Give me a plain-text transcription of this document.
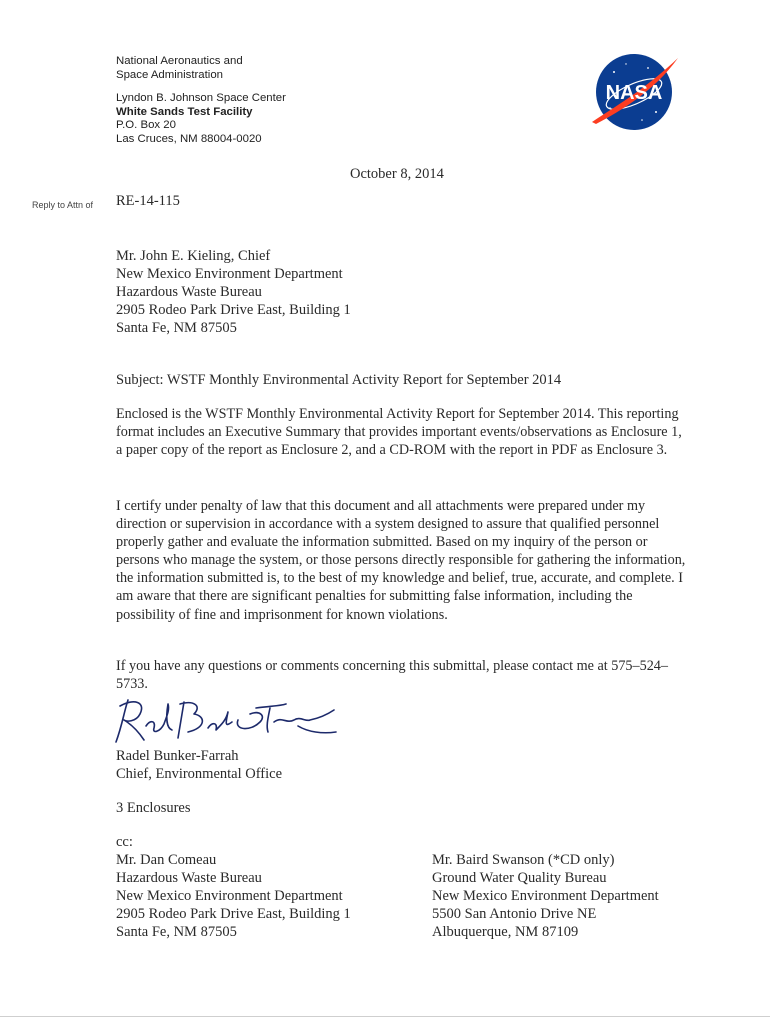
National Aeronautics and
Space Administration
Lyndon B. Johnson Space Center
White Sands Test Facility
P.O. Box 20
Las Cruces, NM 88004-0020
NASA
October 8, 2014
Reply to Attn of RE-14-115
Mr. John E. Kieling, Chief
New Mexico Environment Department
Hazardous Waste Bureau
2905 Rodeo Park Drive East, Building 1
Santa Fe, NM 87505
Subject: WSTF Monthly Environmental Activity Report for September 2014
Enclosed is the WSTF Monthly Environmental Activity Report for September 2014. This reporting format includes an Executive Summary that provides important events/observations as Enclosure 1, a paper copy of the report as Enclosure 2, and a CD-ROM with the report in PDF as Enclosure 3.
I certify under penalty of law that this document and all attachments were prepared under my direction or supervision in accordance with a system designed to assure that qualified personnel properly gather and evaluate the information submitted. Based on my inquiry of the person or persons who manage the system, or those persons directly responsible for gathering the information, the information submitted is, to the best of my knowledge and belief, true, accurate, and complete. I am aware that there are significant penalties for submitting false information, including the possibility of fine and imprisonment for known violations.
If you have any questions or comments concerning this submittal, please contact me at 575–524–5733.
Radel Bunker-Farrah
Chief, Environmental Office
3 Enclosures
cc:
Mr. Dan Comeau
Hazardous Waste Bureau
New Mexico Environment Department
2905 Rodeo Park Drive East, Building 1
Santa Fe, NM 87505
Mr. Baird Swanson (*CD only)
Ground Water Quality Bureau
New Mexico Environment Department
5500 San Antonio Drive NE
Albuquerque, NM 87109
